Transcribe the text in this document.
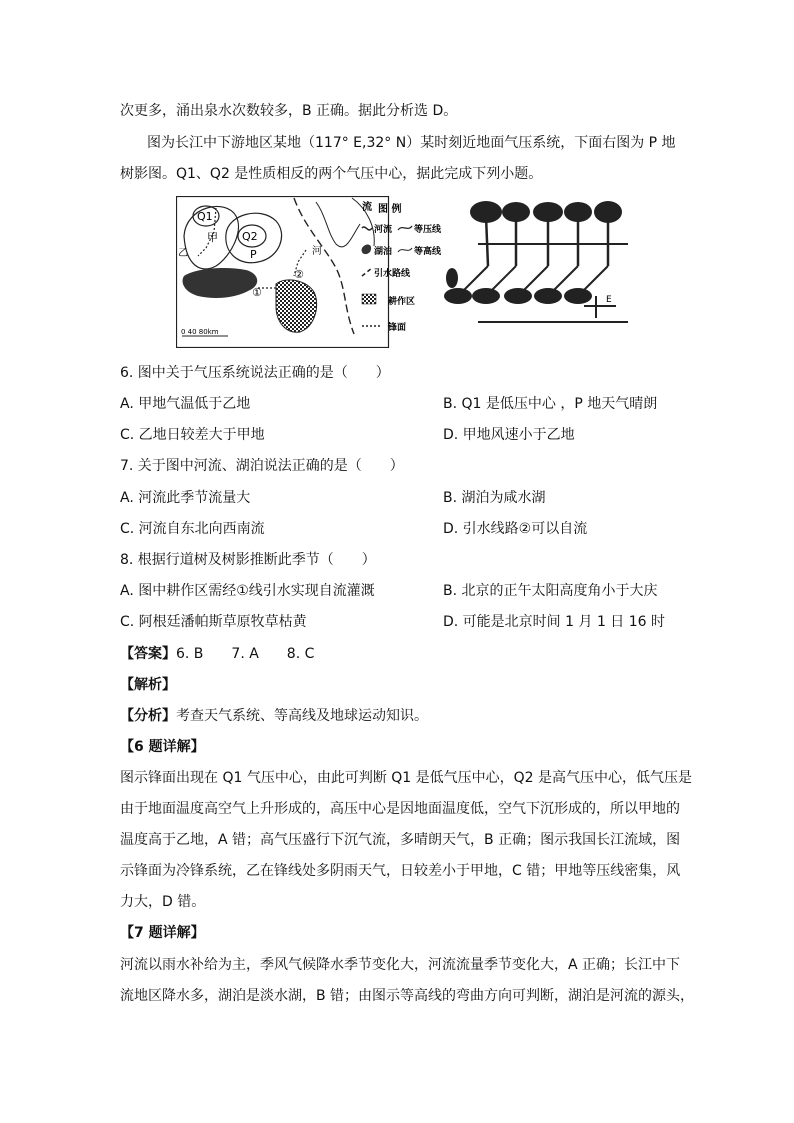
次更多，涌出泉水次数较多，B 正确。据此分析选 D。
图为长江中下游地区某地（117° E,32° N）某时刻近地面气压系统，下面右图为 P 地
树影图。Q1、Q2 是性质相反的两个气压中心，据此完成下列小题。
Q1
Q2
甲
乙	P	河
流
①
②
0 40 80km
图 例
河流 等压线
湖泊 等高线
引水路线
耕作区
锋面
E
6. 图中关于气压系统说法正确的是（　　）
A. 甲地气温低于乙地	B. Q1 是低压中心 ，P 地天气晴朗
C. 乙地日较差大于甲地	D. 甲地风速小于乙地
7. 关于图中河流、湖泊说法正确的是（　　）
A. 河流此季节流量大	B. 湖泊为咸水湖
C. 河流自东北向西南流	D. 引水线路②可以自流
8. 根据行道树及树影推断此季节（　　）
A. 图中耕作区需经①线引水实现自流灌溉	B. 北京的正午太阳高度角小于大庆
C. 阿根廷潘帕斯草原牧草枯黄	D. 可能是北京时间 1 月 1 日 16 时
【答案】6. B　　7. A　　8. C
【解析】
【分析】考查天气系统、等高线及地球运动知识。
【6 题详解】
图示锋面出现在 Q1 气压中心，由此可判断 Q1 是低气压中心，Q2 是高气压中心，低气压是
由于地面温度高空气上升形成的，高压中心是因地面温度低，空气下沉形成的，所以甲地的
温度高于乙地，A 错；高气压盛行下沉气流，多晴朗天气，B 正确；图示我国长江流域，图
示锋面为冷锋系统，乙在锋线处多阴雨天气，日较差小于甲地，C 错；甲地等压线密集，风
力大，D 错。
【7 题详解】
河流以雨水补给为主，季风气候降水季节变化大，河流流量季节变化大，A 正确；长江中下
流地区降水多，湖泊是淡水湖，B 错；由图示等高线的弯曲方向可判断，湖泊是河流的源头，
